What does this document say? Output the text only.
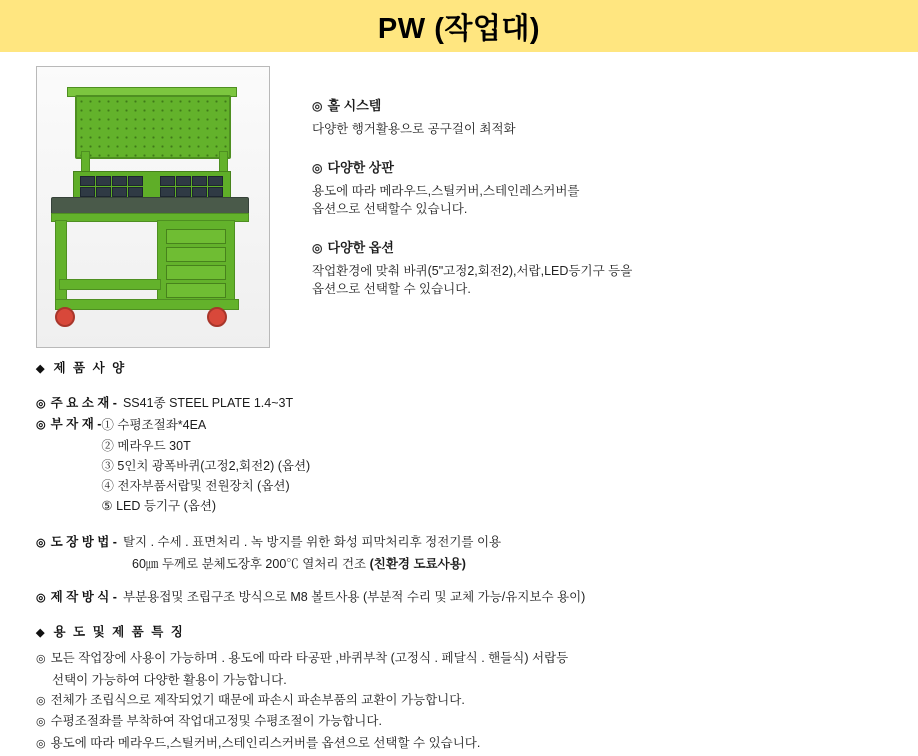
PW (작업대)
◎ 홀 시스템
다양한 행거활용으로 공구걸이 최적화
◎ 다양한 상판
용도에 따라 메라우드,스틸커버,스테인레스커버를
옵션으로 선택할수 있습니다.
◎ 다양한 옵션
작업환경에 맞춰 바퀴(5"고정2,회전2),서랍,LED등기구 등을
옵션으로 선택할 수 있습니다.
◆ 제 품 사 양
◎ 주 요 소 재 - SS41종 STEEL PLATE 1.4~3T
◎ 부 자 재 - ① 수평조절좌*4EA
② 메라우드 30T
③ 5인치 광폭바퀴(고정2,회전2) (옵션)
④ 전자부품서랍및 전원장치 (옵션)
⑤ LED 등기구 (옵션)
◎ 도 장 방 법 - 탈지 . 수세 . 표면처리 . 녹 방지를 위한 화성 피막처리후 정전기를 이용
60㎛ 두께로 분체도장후 200℃ 열처리 건조 (친환경 도료사용)
◎ 제 작 방 식 - 부분용접및 조립구조 방식으로 M8 볼트사용 (부분적 수리 및 교체 가능/유지보수 용이)
◆ 용 도 및 제 품 특 징
◎ 모든 작업장에 사용이 가능하며 . 용도에 따라 타공판 ,바퀴부착 (고정식 . 페달식 . 핸들식) 서랍등
선택이 가능하여 다양한 활용이 가능합니다.
◎ 전체가 조립식으로 제작되었기 때문에 파손시 파손부품의 교환이 가능합니다.
◎ 수평조절좌를 부착하여 작업대고정및 수평조절이 가능합니다.
◎ 용도에 따라 메라우드,스틸커버,스테인리스커버를 옵션으로 선택할 수 있습니다.
